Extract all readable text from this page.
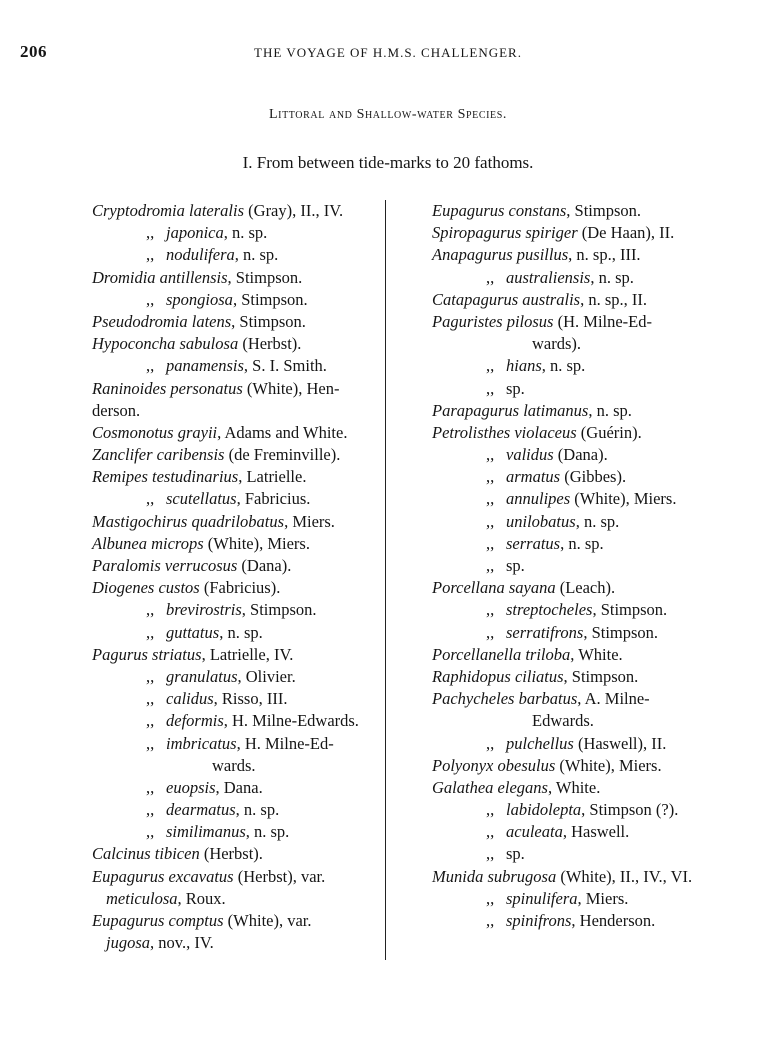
206	THE VOYAGE OF H.M.S. CHALLENGER.
Littoral and Shallow-water Species.
I. From between tide-marks to 20 fathoms.
Cryptodromia lateralis (Gray), II., IV.
,, japonica, n. sp.
,, nodulifera, n. sp.
Dromidia antillensis, Stimpson.
,, spongiosa, Stimpson.
Pseudodromia latens, Stimpson.
Hypoconcha sabulosa (Herbst).
,, panamensis, S. I. Smith.
Raninoides personatus (White), Hen-
derson.
Cosmonotus grayii, Adams and White.
Zanclifer caribensis (de Freminville).
Remipes testudinarius, Latrielle.
,, scutellatus, Fabricius.
Mastigochirus quadrilobatus, Miers.
Albunea microps (White), Miers.
Paralomis verrucosus (Dana).
Diogenes custos (Fabricius).
,, brevirostris, Stimpson.
,, guttatus, n. sp.
Pagurus striatus, Latrielle, IV.
,, granulatus, Olivier.
,, calidus, Risso, III.
,, deformis, H. Milne-Edwards.
,, imbricatus, H. Milne-Ed-
wards.
,, euopsis, Dana.
,, dearmatus, n. sp.
,, similimanus, n. sp.
Calcinus tibicen (Herbst).
Eupagurus excavatus (Herbst), var.
meticulosa, Roux.
Eupagurus comptus (White), var.
jugosa, nov., IV.
Eupagurus constans, Stimpson.
Spiropagurus spiriger (De Haan), II.
Anapagurus pusillus, n. sp., III.
,, australiensis, n. sp.
Catapagurus australis, n. sp., II.
Paguristes pilosus (H. Milne-Ed-
wards).
,, hians, n. sp.
,, sp.
Parapagurus latimanus, n. sp.
Petrolisthes violaceus (Guérin).
,, validus (Dana).
,, armatus (Gibbes).
,, annulipes (White), Miers.
,, unilobatus, n. sp.
,, serratus, n. sp.
,, sp.
Porcellana sayana (Leach).
,, streptocheles, Stimpson.
,, serratifrons, Stimpson.
Porcellanella triloba, White.
Raphidopus ciliatus, Stimpson.
Pachycheles barbatus, A. Milne-
Edwards.
,, pulchellus (Haswell), II.
Polyonyx obesulus (White), Miers.
Galathea elegans, White.
,, labidolepta, Stimpson (?).
,, aculeata, Haswell.
,, sp.
Munida subrugosa (White), II., IV., VI.
,, spinulifera, Miers.
,, spinifrons, Henderson.
